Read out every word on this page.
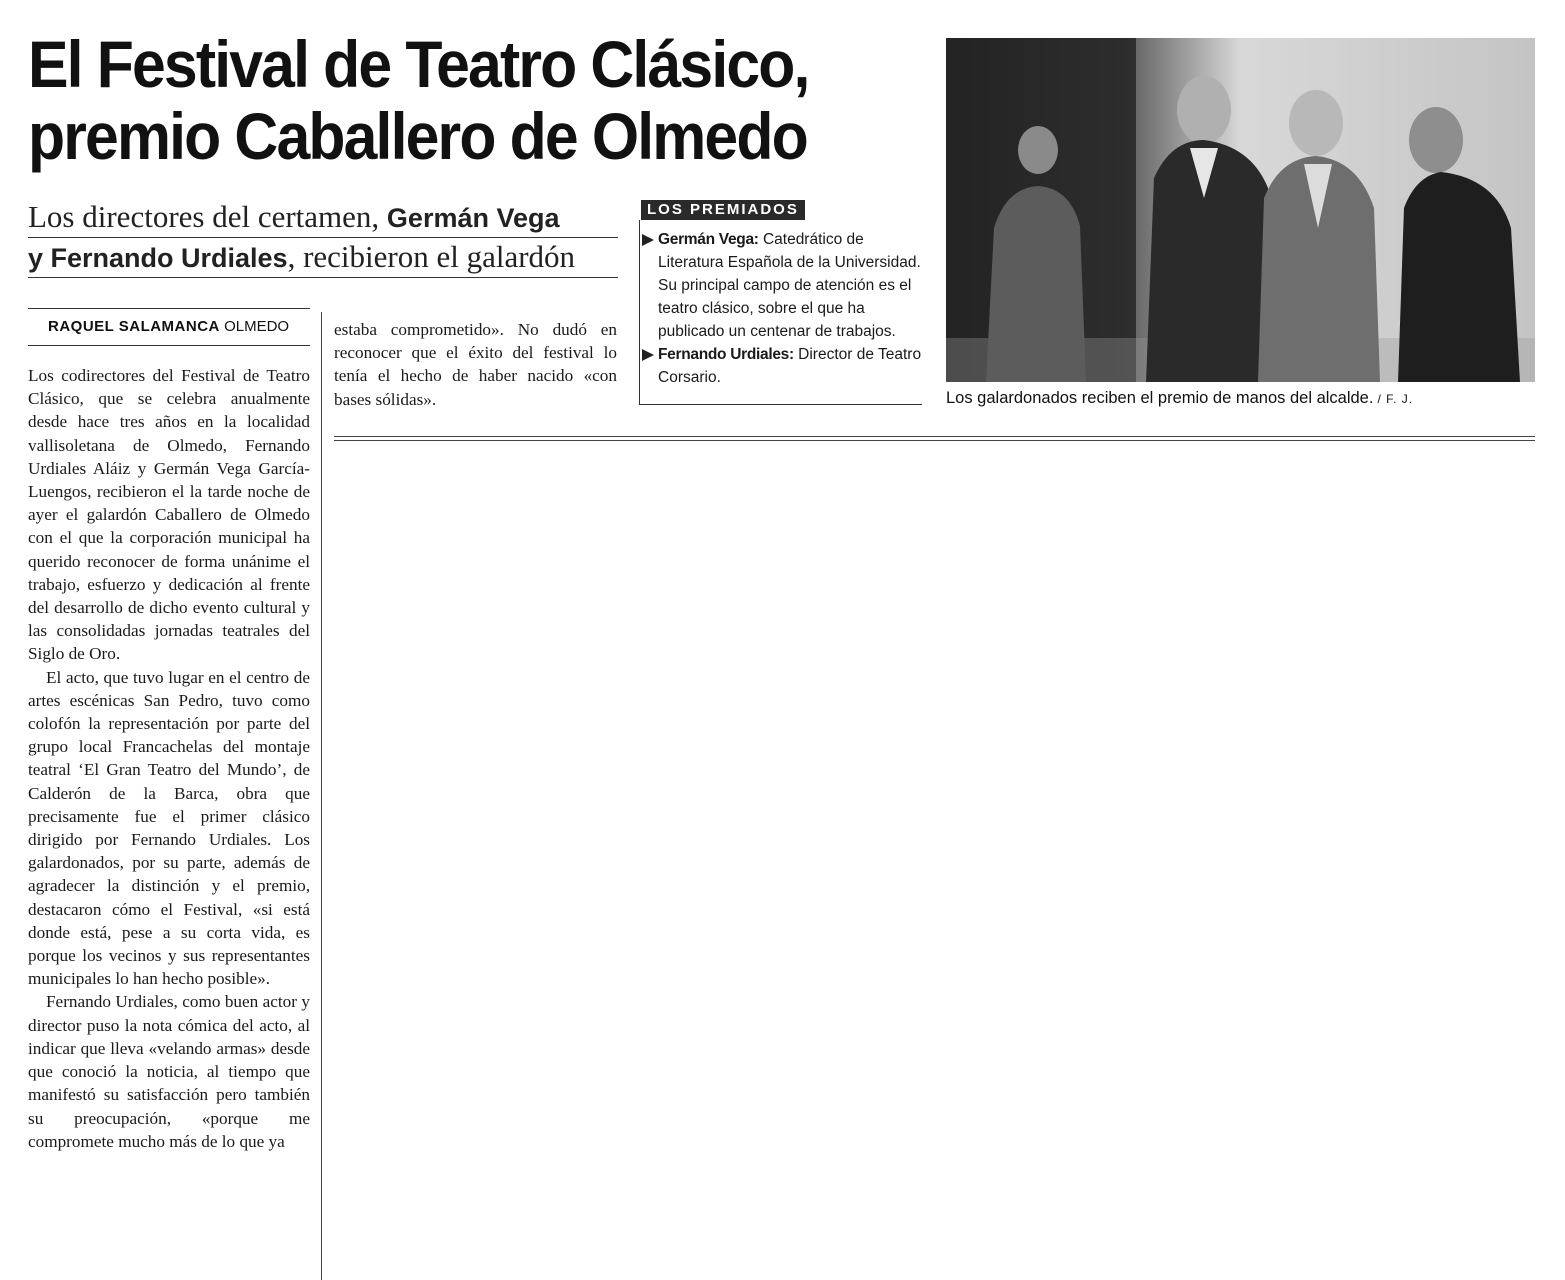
El Festival de Teatro Clásico,
premio Caballero de Olmedo
Los directores del certamen, Germán Vega
y Fernando Urdiales, recibieron el galardón
RAQUEL SALAMANCA OLMEDO

Los codirectores del Festival de Teatro Clásico, que se celebra anualmente desde hace tres años en la localidad vallisoletana de Olmedo, Fernando Urdiales Aláiz y Germán Vega García-Luengos, recibieron el la tarde noche de ayer el galardón Caballero de Olmedo con el que la corporación municipal ha querido reconocer de forma unánime el trabajo, esfuerzo y dedicación al frente del desarrollo de dicho evento cultural y las consolidadas jornadas teatrales del Siglo de Oro.

El acto, que tuvo lugar en el centro de artes escénicas San Pedro, tuvo como colofón la representación por parte del grupo local Francachelas del montaje teatral ‘El Gran Teatro del Mundo’, de Calderón de la Barca, obra que precisamente fue el primer clásico dirigido por Fernando Urdiales. Los galardonados, por su parte, además de agradecer la distinción y el premio, destacaron cómo el Festival, «si está donde está, pese a su corta vida, es porque los vecinos y sus representantes municipales lo han hecho posible».

Fernando Urdiales, como buen actor y director puso la nota cómica del acto, al indicar que lleva «velando armas» desde que conoció la noticia, al tiempo que manifestó su satisfacción pero también su preocupación, «porque me compromete mucho más de lo que ya

estaba comprometido». No dudó en reconocer que el éxito del festival lo tenía el hecho de haber nacido «con bases sólidas».
LOS PREMIADOS
Germán Vega: Catedrático de Literatura Española de la Universidad. Su principal campo de atención es el teatro clásico, sobre el que ha publicado un centenar de trabajos.
Fernando Urdiales: Director de Teatro Corsario.
Los galardonados reciben el premio de manos del alcalde. / F. J.
